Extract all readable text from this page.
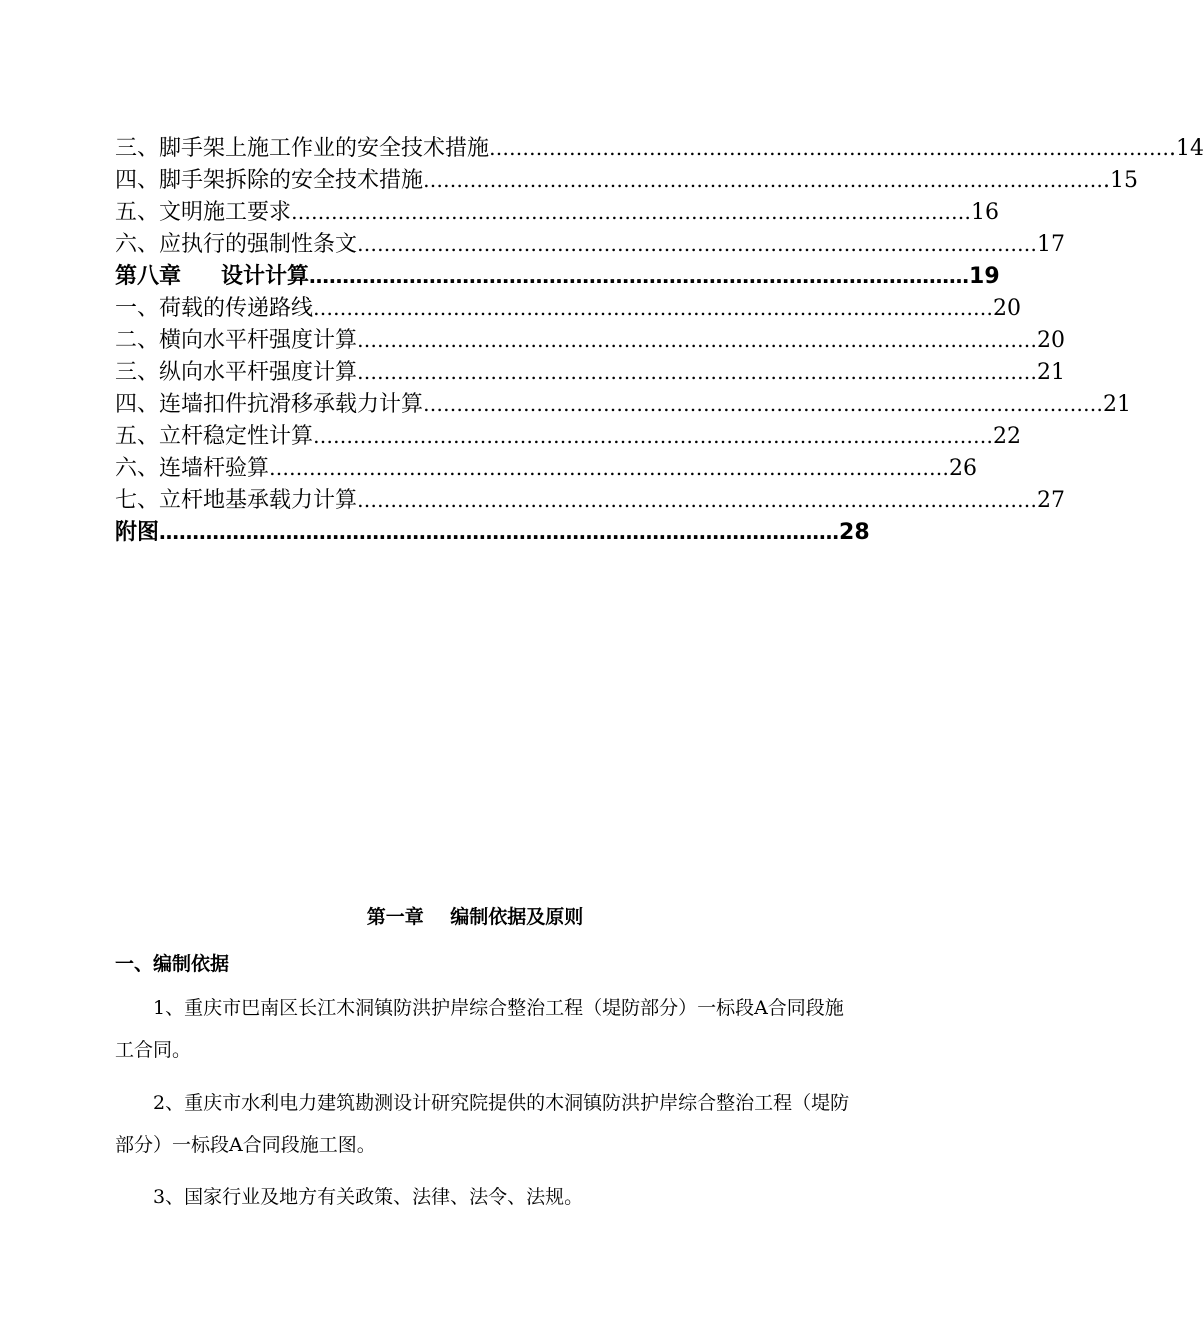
三、脚手架上施工作业的安全技术措施 ………………………………………………………………………………………… .14
四、脚手架拆除的安全技术措施 ………………………………………………………………………………………… .15
五、文明施工要求 ………………………………………………………………………………………… 16
六、应执行的强制性条文 ………………………………………………………………………………………… 17
第八章 设计计算 ……………………………………………………………………………………… 19
一、荷载的传递路线 ………………………………………………………………………………………… 20
二、横向水平杆强度计算 ………………………………………………………………………………………… 20
三、纵向水平杆强度计算 ………………………………………………………………………………………… 21
四、连墙扣件抗滑移承载力计算 ………………………………………………………………………………………… 21
五、立杆稳定性计算 ………………………………………………………………………………………… 22
六、连墙杆验算 ………………………………………………………………………………………… 26
七、立杆地基承载力计算 ………………………………………………………………………………………… 27
附图 ………………………………………………………………………………………… 28
第一章    编制依据及原则
一、编制依据
1、重庆市巴南区长江木洞镇防洪护岸综合整治工程（堤防部分）一标段A合同段施工合同。
2、重庆市水利电力建筑勘测设计研究院提供的木洞镇防洪护岸综合整治工程（堤防部分）一标段A合同段施工图。
3、国家行业及地方有关政策、法律、法令、法规。
